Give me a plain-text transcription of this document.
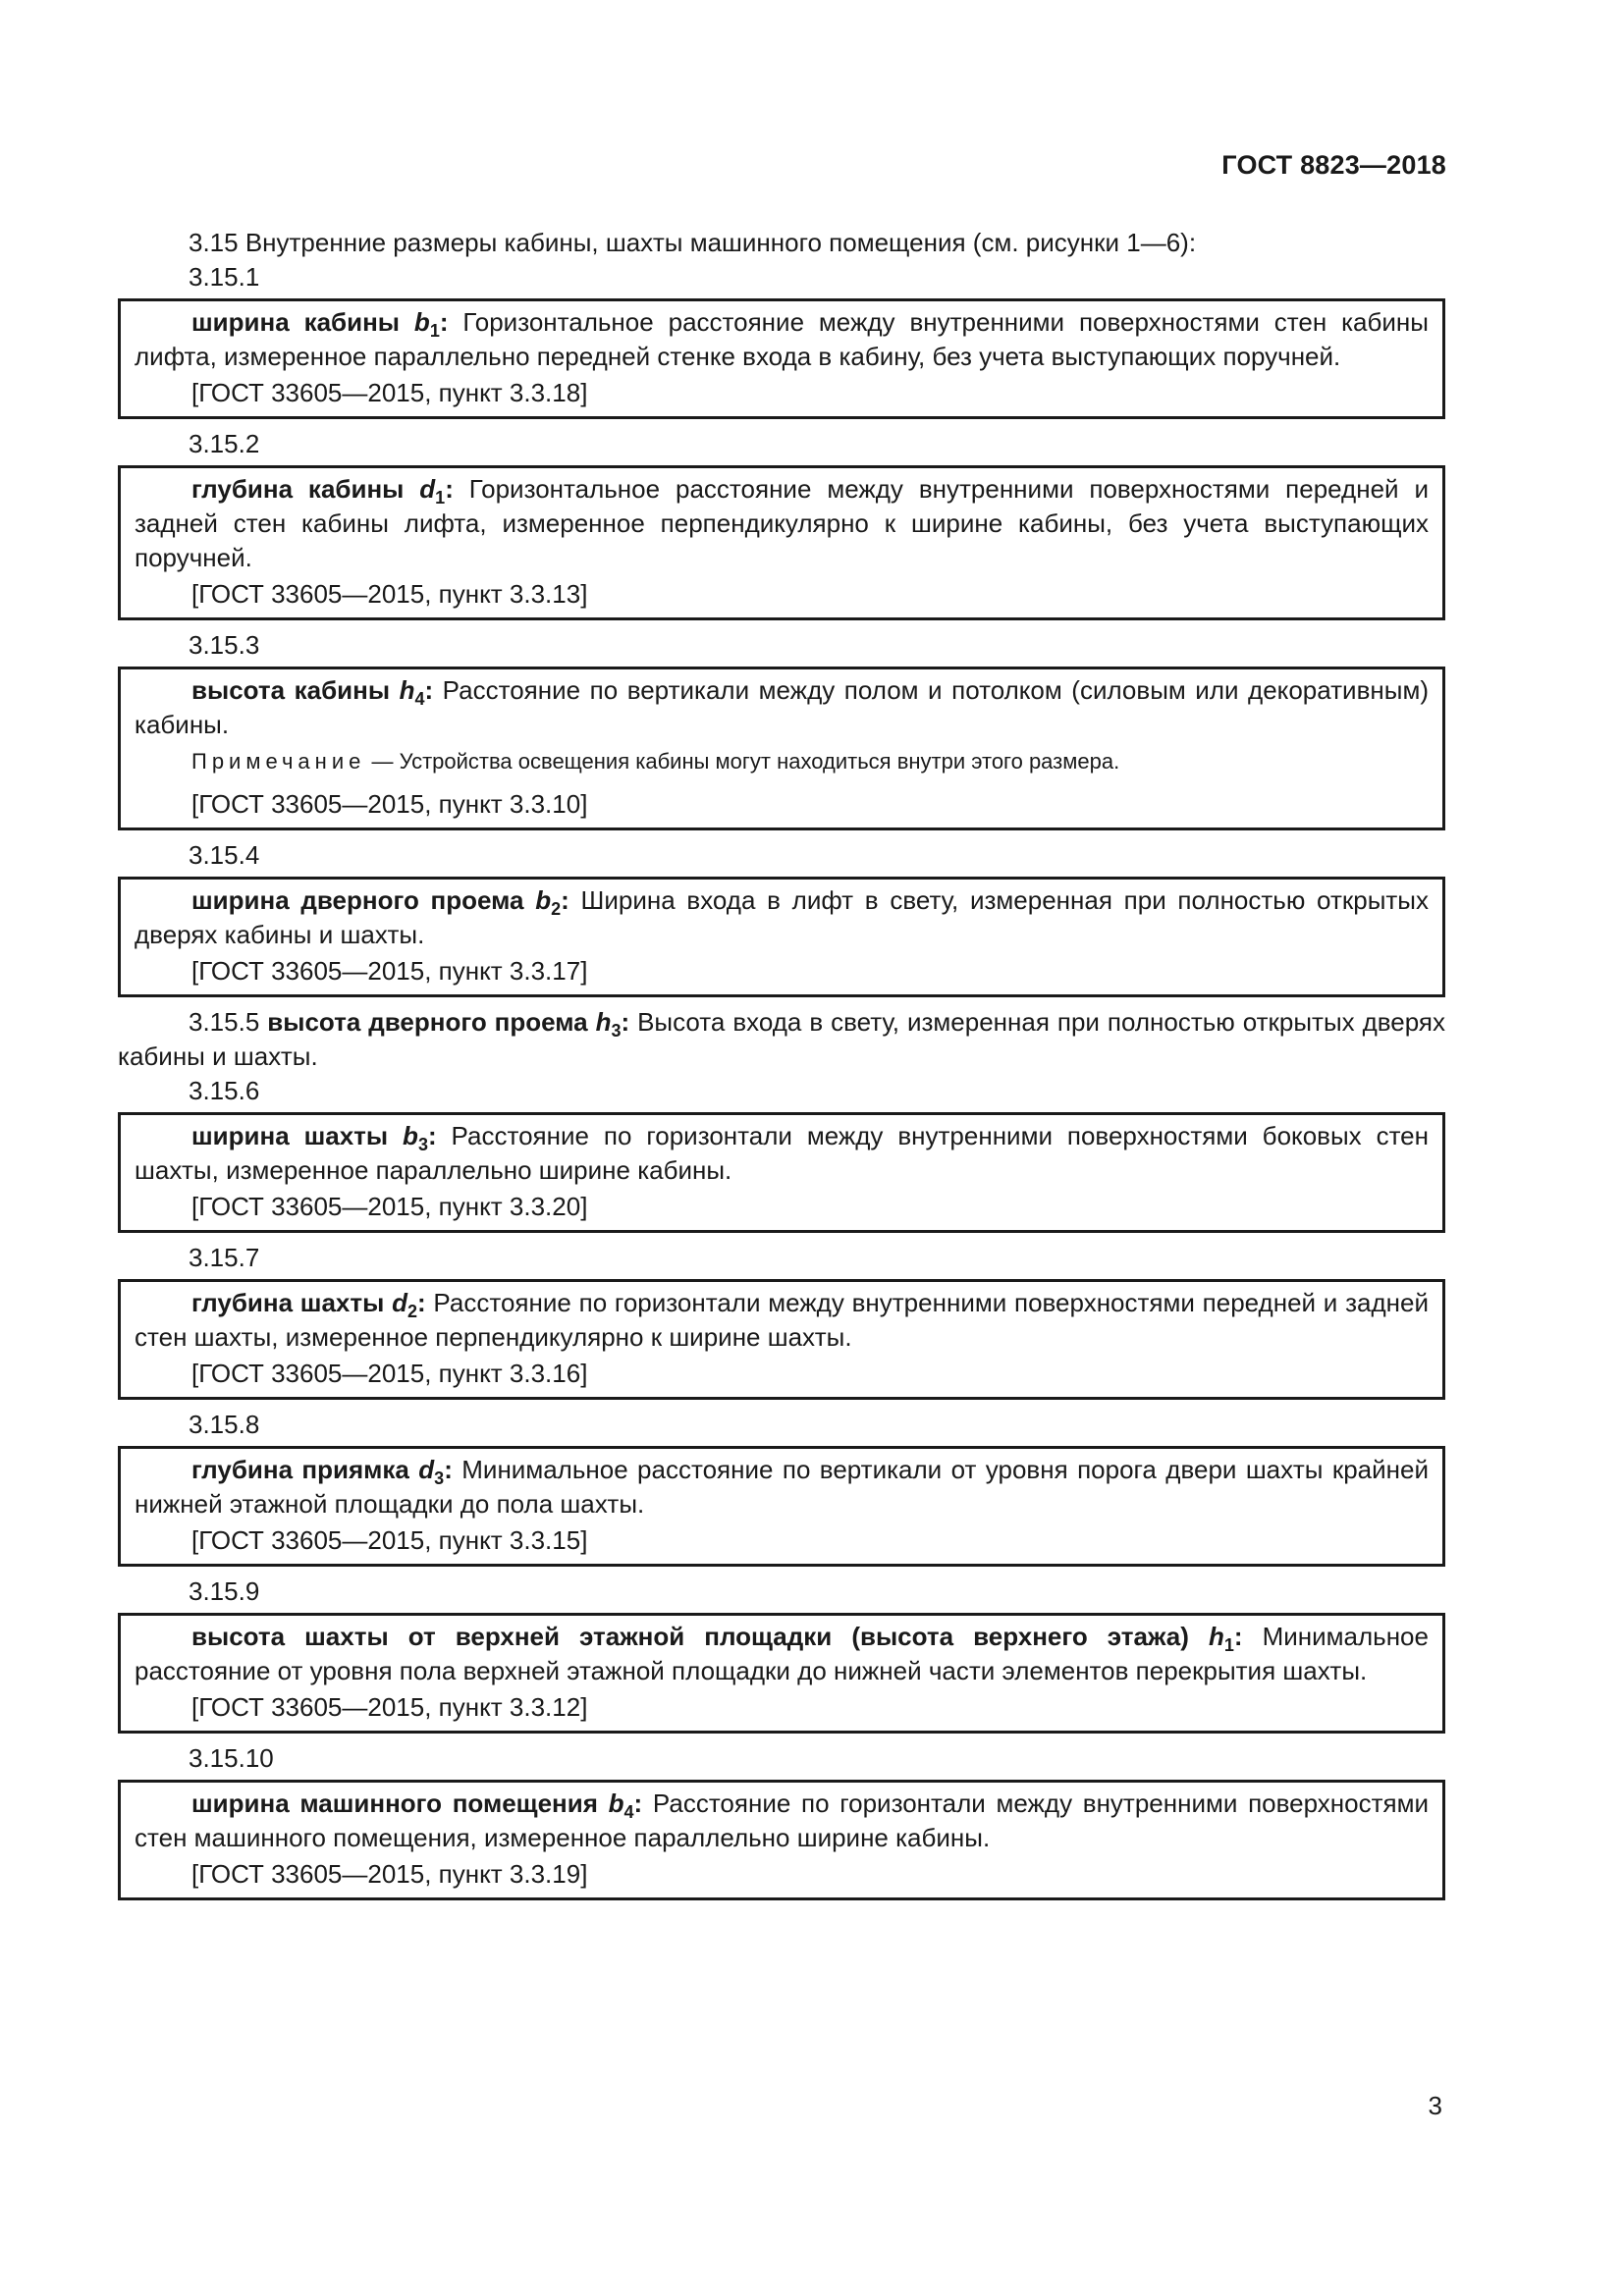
ГОСТ 8823—2018

3.15 Внутренние размеры кабины, шахты машинного помещения (см. рисунки 1—6):

3.15.1

ширина кабины $b_1$: Горизонтальное расстояние между внутренними поверхностями стен кабины лифта, измеренное параллельно передней стенке входа в кабину, без учета выступающих поручней.

[ГОСТ 33605—2015, пункт 3.3.18]

3.15.2

глубина кабины $d_1$: Горизонтальное расстояние между внутренними поверхностями передней и задней стен кабины лифта, измеренное перпендикулярно к ширине кабины, без учета выступающих поручней.

[ГОСТ 33605—2015, пункт 3.3.13]

3.15.3

высота кабины $h_4$: Расстояние по вертикали между полом и потолком (силовым или декоративным) кабины.

Примечание — Устройства освещения кабины могут находиться внутри этого размера.

[ГОСТ 33605—2015, пункт 3.3.10]

3.15.4

ширина дверного проема $b_2$: Ширина входа в лифт в свету, измеренная при полностью открытых дверях кабины и шахты.

[ГОСТ 33605—2015, пункт 3.3.17]

3.15.5 высота дверного проема $h_3$: Высота входа в свету, измеренная при полностью открытых дверях кабины и шахты.

3.15.6

ширина шахты $b_3$: Расстояние по горизонтали между внутренними поверхностями боковых стен шахты, измеренное параллельно ширине кабины.

[ГОСТ 33605—2015, пункт 3.3.20]

3.15.7

глубина шахты $d_2$: Расстояние по горизонтали между внутренними поверхностями передней и задней стен шахты, измеренное перпендикулярно к ширине шахты.

[ГОСТ 33605—2015, пункт 3.3.16]

3.15.8

глубина приямка $d_3$: Минимальное расстояние по вертикали от уровня порога двери шахты крайней нижней этажной площадки до пола шахты.

[ГОСТ 33605—2015, пункт 3.3.15]

3.15.9

высота шахты от верхней этажной площадки (высота верхнего этажа) $h_1$: Минимальное расстояние от уровня пола верхней этажной площадки до нижней части элементов перекрытия шахты.

[ГОСТ 33605—2015, пункт 3.3.12]

3.15.10

ширина машинного помещения $b_4$: Расстояние по горизонтали между внутренними поверхностями стен машинного помещения, измеренное параллельно ширине кабины.

[ГОСТ 33605—2015, пункт 3.3.19]

3
